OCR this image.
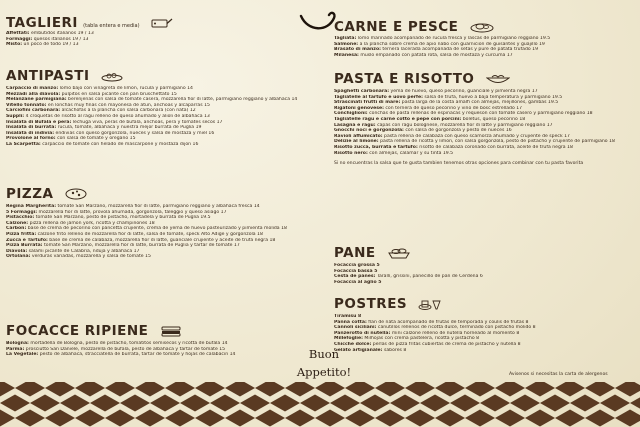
TAGLIERI (tabla entera e media)
Affettati: embutidos italianos 19 / 13
Formaggi: quesos italianos 19 / 13
Misto: un poco de todo 19 / 13
ANTIPASTI
Carpaccio di manzo: lomo bajo con vinagreta de limon, rucula y parmigiano 14
Mezzadi alla diavola: pulpitos en salsa picante con pan bruschettato 15
Melanzane parmigiana: berenjenas con salsa de tomate casera, mozzarella fior di latte, parmigiano reggiano y albahaca 14
Vitello tonnato: en lonchas muy finas con mayonesa de atun, anchoas y alcaparras 15
Carciofini carbonara: alcachofas a la plancha con salsa carbonara (con nata) 12
Suppli: 4 croquetas de risotto al ragu relleno de queso ahumado y alioli de albahaca 13
Insalata di Bufala e pera: lechuga viva, peras de bufala, anchoas, pera y tomates secos 17
Insalata di burrata: rucula, tomate, albahaca y nuestra mejor burrata de Puglia 19
Insalata di indivia: endivias con queso gorgonzola, nueces y salsa de mostaza y miel 16
Provolone al forno: con salsa de tomate y oregano 15
La Scarpetta: carpaccio de tomate con helado de mascarpone y mostaza dijon 16
PIZZA
Regina Margherita: tomate San Marzano, mozzarella fior di latte, parmigiano reggiano y albahaca fresca 14
5 Formaggi: mozzarella fior di latte, provola ahumada, gorgonzola, taleggio y queso asiago 17
Pistacchio: tomate San Marzano, pesto de pistacho, mortadela y burrata de Puglia 19.5
Calzone: pizza rellena de jamon york, ricotta y champinones 18
Carbon: base de crema de pecorino con pancetta crujiente, crema de yema de huevo pasteurizado y pimienta molida 18
Pizza fritta: calzone frito relleno de mozzarella fior di latte, salsa de tomate, speck Alto Adige y gorgonzola 18
Zucca e Tartufo: base de crema de calabaza, mozzarella fior di latte, guanciale crujiente y aceite de trufa negra 18
Pizza Burrata: tomate San Marzano, mozzarella fior di latte, burrata de Puglia y tartar de tomate 17
Diavola: salami picante de Calabria, nduja y albahaca 17
Ortolana: verduras variadas, mozzarella y salsa de tomate 15
FOCACCE RIPIENE
Bologna: mortadella de Bologna, pesto de pistacho, tomatitos semisecos y ricotta de bufala 14
Parma: prosciutto San Daniele, mozzarella de bufala, pesto de albahaca y tartar de tomate 15
La Vegetale: pesto de albahaca, stracciatella de burrata, tartar de tomate y hojas de calabacin 14	Buon
Appetito!
CARNE E PESCE
Tagliata: lomo marinado acompanado de rucula fresca y lascas de parmigiano reggiano 19.5
Salmone: a la plancha sobre crema de apio nabo con guarnicion de guisantes y guajillo 19
Brasato di manzo: ternera lacerada acompanada de setas y pure de patata trufado 19
Milanesa: muslo empanado con patata rota, salsa de mostaza y curcuma 17
PASTA E RISOTTO
Spaghetti carbonara: yema de huevo, queso pecorino, guanciale y pimienta negra 17
Tagliatelle al tartufo e uovo perfe: salsa de trufa, huevo a baja temperatura y parmigiano 19.5
Strascinati frutti di mare: pasta larga de la costa amalfi con almejas, mejillones, gambas 19.5
Rigatoni genovese: con ternera de queso pecorino y vino de bosc estrellado 17
Conchiglioni: conchas de pasta rellenas de espinacas y requeson con tomate casero y parmigiano reggiano 18
Tagliatelle ragu e carne cotto e pepe con porcini: boletus, queso pecorino 18
Lasagna e ragu: capas con ragu bolognese, mozzarella fior di latte y parmigiano reggiano 17
Gnocchi noci e gorgonzola: con salsa de gorgonzola y pesto de nueces 16
Ravioli affumicato: pasta rellena de calabaza con queso scamorza ahumado y crujiente de speck 17
Delizie al limone: pasta rellena de ricotta y limon, con salsa gorgonzola, pesto de pistacho y crujiente de parmigiano 18
Risotto zucca, burrata e tartufo: risotto de calabaza coronado con burrata, aceite de trufa negra 18
Risotto nero: con almejas, calamar y su tinta 19.5
Si no encuentras la salsa que te gusta tambien tenemos otras opciones para combinar con tu pasta favorita
PANE
Focaccia grossa 5
Focaccia bassa 5
Cesta de panes: Tarallì, grissini, panecillo de pan de Cerdena 6
Focaccia al aglio 5
POSTRES
Tiramisu 8
Panna cotta: flan de nata acompanado de frutas de temporada y coulis de frutas 8
Cannoli siciliani: canutillos rellenos de ricotta dulce, terminado con pistacho molido 8
Panzerotto di nutella: mini calzone relleno de nutella horneado al momento 8
Millefoglie: Milhojas con crema pastelera, ricotta y pistacho 8
Chicche dolce: perlas de pizza fritas cubiertas de crema de pistacho y nutella 8
Gelato artigianale: sabores 8
Avisenos si necesitas la carta de alergenos
